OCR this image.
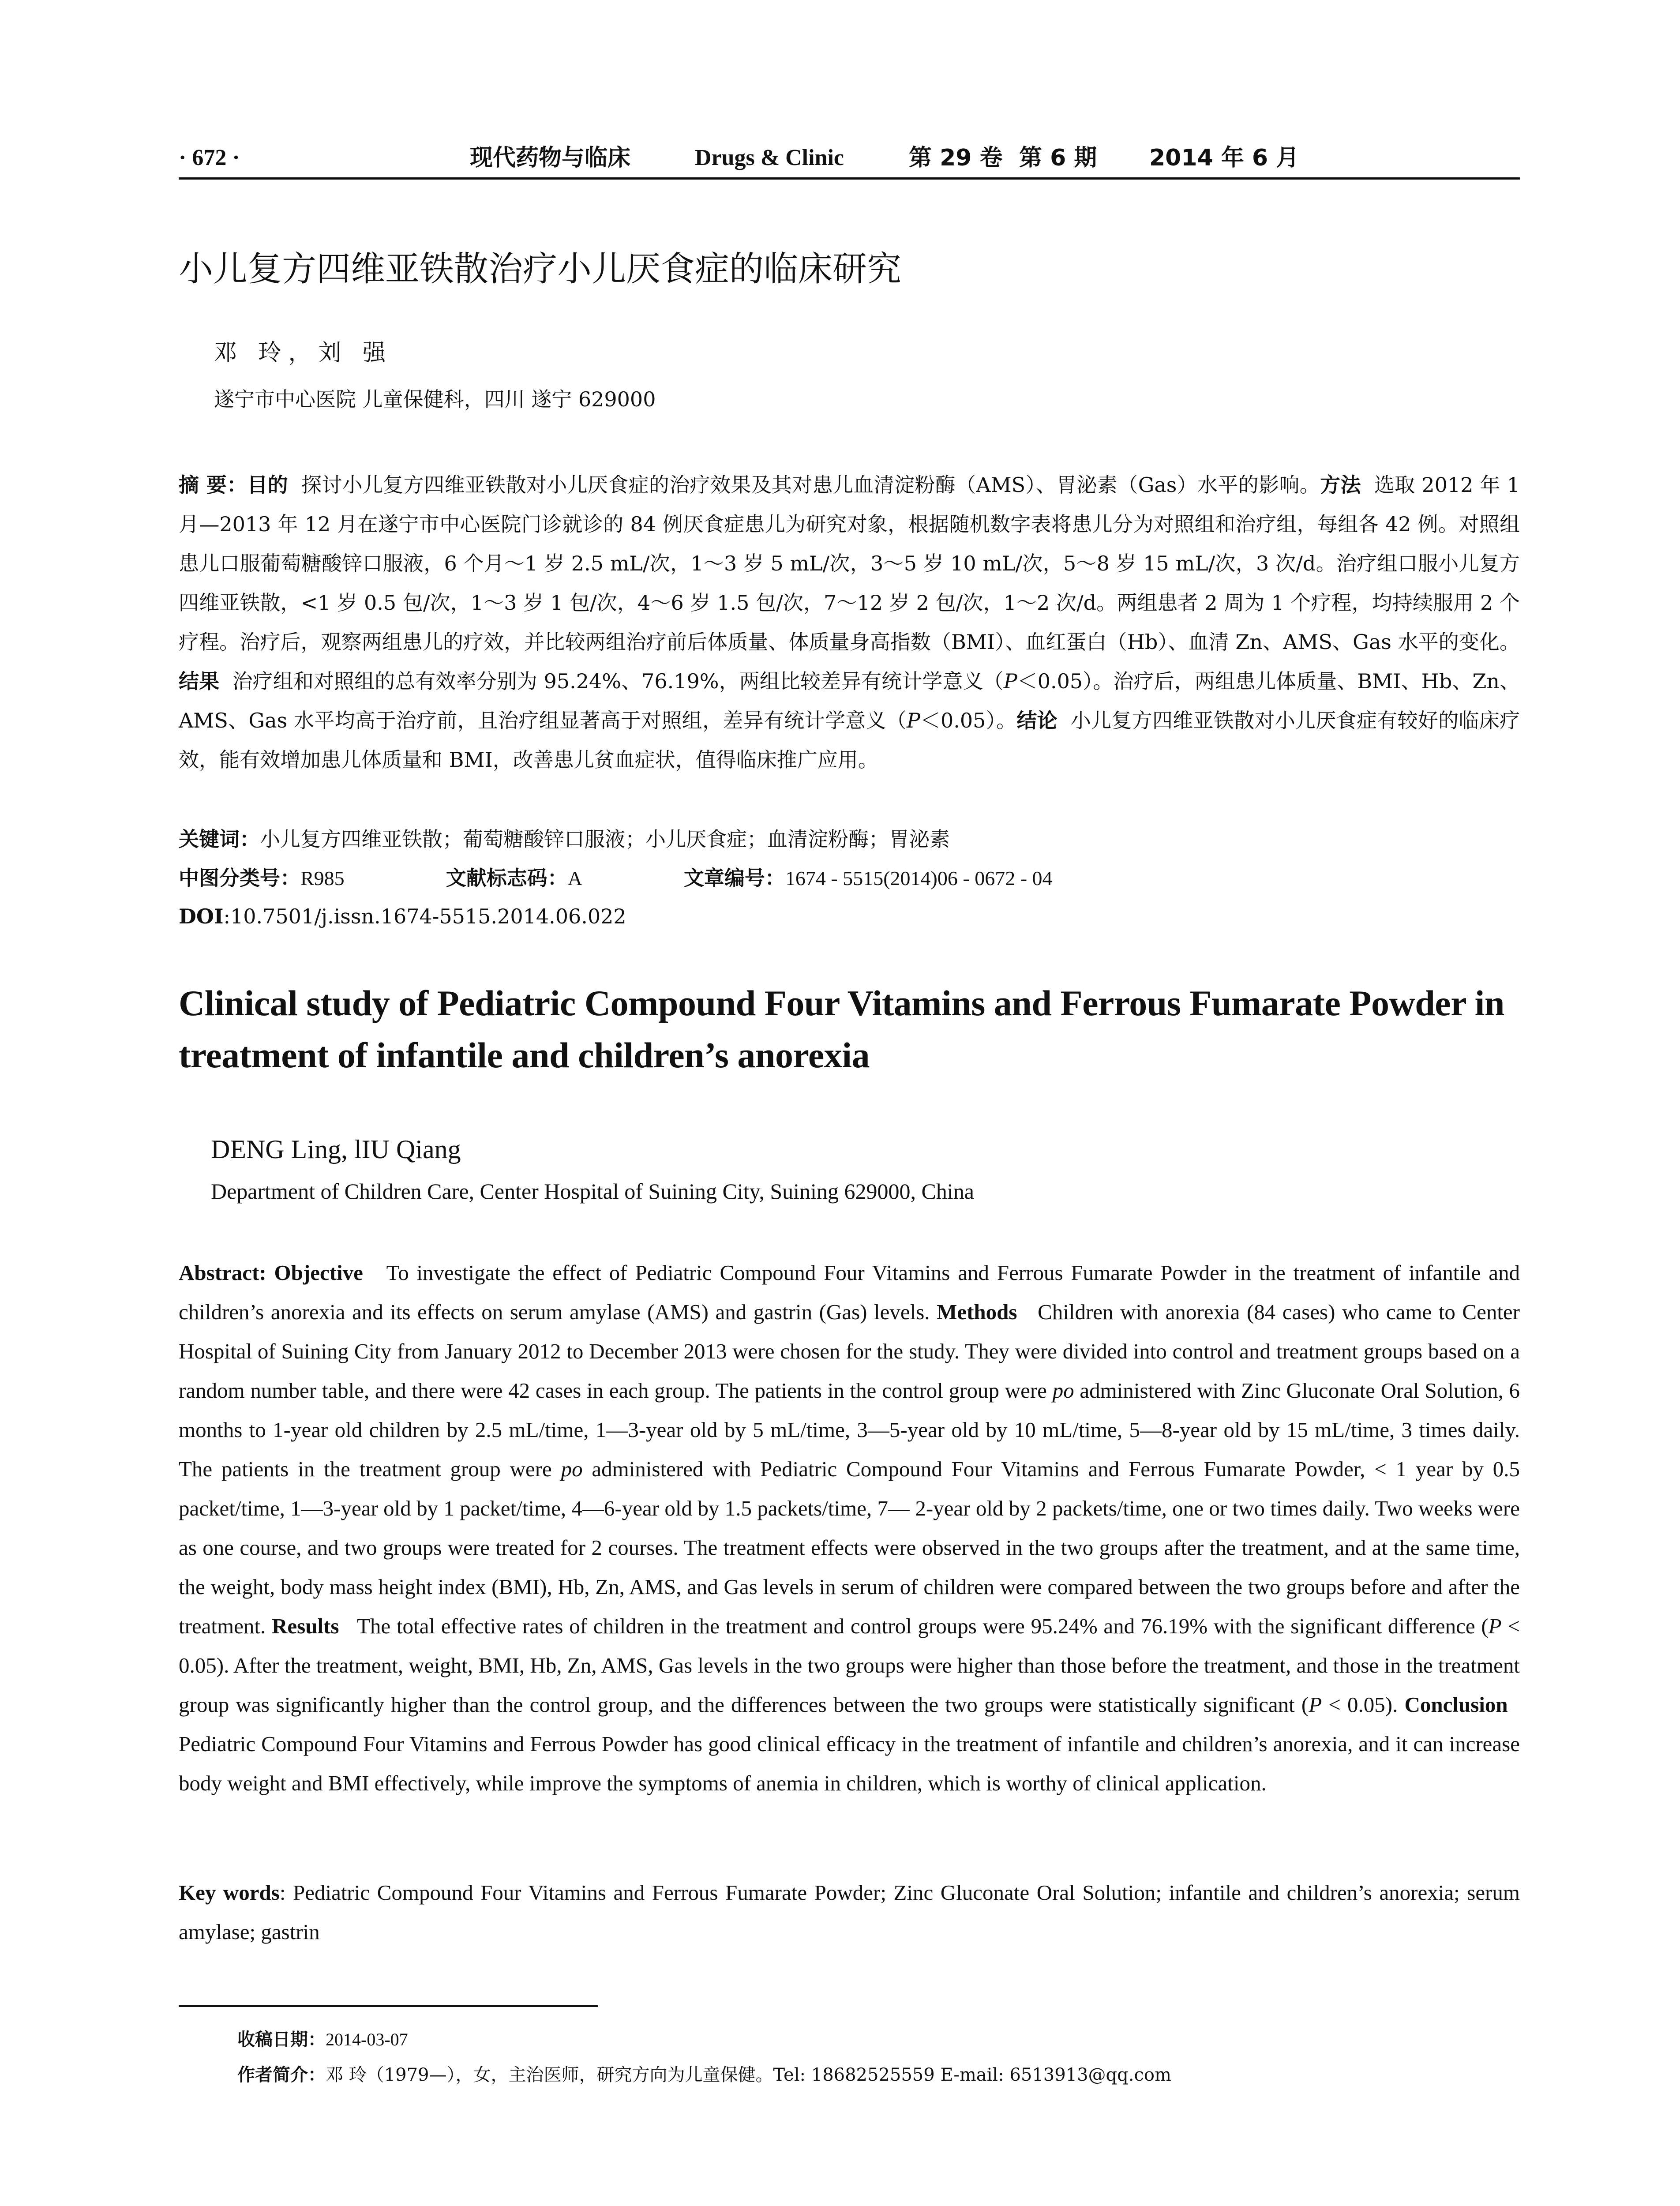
· 672 ·	现代药物与临床	Drugs & Clinic	第 29 卷 第 6 期 2014 年 6 月
小儿复方四维亚铁散治疗小儿厌食症的临床研究
邓 玲，刘 强
遂宁市中心医院 儿童保健科，四川 遂宁 629000
摘 要：目的 探讨小儿复方四维亚铁散对小儿厌食症的治疗效果及其对患儿血清淀粉酶（AMS）、胃泌素（Gas）水平的影响。方法 选取 2012 年 1 月—2013 年 12 月在遂宁市中心医院门诊就诊的 84 例厌食症患儿为研究对象，根据随机数字表将患儿分为对照组和治疗组，每组各 42 例。对照组患儿口服葡萄糖酸锌口服液，6 个月～1 岁 2.5 mL/次，1～3 岁 5 mL/次，3～5 岁 10 mL/次，5～8 岁 15 mL/次，3 次/d。治疗组口服小儿复方四维亚铁散，<1 岁 0.5 包/次，1～3 岁 1 包/次，4～6 岁 1.5 包/次，7～12 岁 2 包/次，1～2 次/d。两组患者 2 周为 1 个疗程，均持续服用 2 个疗程。治疗后，观察两组患儿的疗效，并比较两组治疗前后体质量、体质量身高指数（BMI）、血红蛋白（Hb）、血清 Zn、AMS、Gas 水平的变化。结果 治疗组和对照组的总有效率分别为 95.24%、76.19%，两组比较差异有统计学意义（P＜0.05）。治疗后，两组患儿体质量、BMI、Hb、Zn、AMS、Gas 水平均高于治疗前，且治疗组显著高于对照组，差异有统计学意义（P＜0.05）。结论 小儿复方四维亚铁散对小儿厌食症有较好的临床疗效，能有效增加患儿体质量和 BMI，改善患儿贫血症状，值得临床推广应用。
关键词：小儿复方四维亚铁散；葡萄糖酸锌口服液；小儿厌食症；血清淀粉酶；胃泌素
中图分类号：R985	文献标志码：A	文章编号：1674 - 5515(2014)06 - 0672 - 04
DOI:10.7501/j.issn.1674-5515.2014.06.022
Clinical study of Pediatric Compound Four Vitamins and Ferrous Fumarate Powder in treatment of infantile and children’s anorexia
DENG Ling, lIU Qiang
Department of Children Care, Center Hospital of Suining City, Suining 629000, China
Abstract: Objective To investigate the effect of Pediatric Compound Four Vitamins and Ferrous Fumarate Powder in the treatment of infantile and children’s anorexia and its effects on serum amylase (AMS) and gastrin (Gas) levels. Methods Children with anorexia (84 cases) who came to Center Hospital of Suining City from January 2012 to December 2013 were chosen for the study. They were divided into control and treatment groups based on a random number table, and there were 42 cases in each group. The patients in the control group were po administered with Zinc Gluconate Oral Solution, 6 months to 1-year old children by 2.5 mL/time, 1—3-year old by 5 mL/time, 3—5-year old by 10 mL/time, 5—8-year old by 15 mL/time, 3 times daily. The patients in the treatment group were po administered with Pediatric Compound Four Vitamins and Ferrous Fumarate Powder, < 1 year by 0.5 packet/time, 1—3-year old by 1 packet/time, 4—6-year old by 1.5 packets/time, 7— 2-year old by 2 packets/time, one or two times daily. Two weeks were as one course, and two groups were treated for 2 courses. The treatment effects were observed in the two groups after the treatment, and at the same time, the weight, body mass height index (BMI), Hb, Zn, AMS, and Gas levels in serum of children were compared between the two groups before and after the treatment. Results The total effective rates of children in the treatment and control groups were 95.24% and 76.19% with the significant difference (P < 0.05). After the treatment, weight, BMI, Hb, Zn, AMS, Gas levels in the two groups were higher than those before the treatment, and those in the treatment group was significantly higher than the control group, and the differences between the two groups were statistically significant (P < 0.05). Conclusion   Pediatric Compound Four Vitamins and Ferrous Powder has good clinical efficacy in the treatment of infantile and children’s anorexia, and it can increase body weight and BMI effectively, while improve the symptoms of anemia in children, which is worthy of clinical application.
Key words: Pediatric Compound Four Vitamins and Ferrous Fumarate Powder; Zinc Gluconate Oral Solution; infantile and children’s anorexia; serum amylase; gastrin
收稿日期：2014-03-07
作者简介：邓 玲（1979—），女，主治医师，研究方向为儿童保健。Tel: 18682525559 E-mail: 6513913@qq.com
